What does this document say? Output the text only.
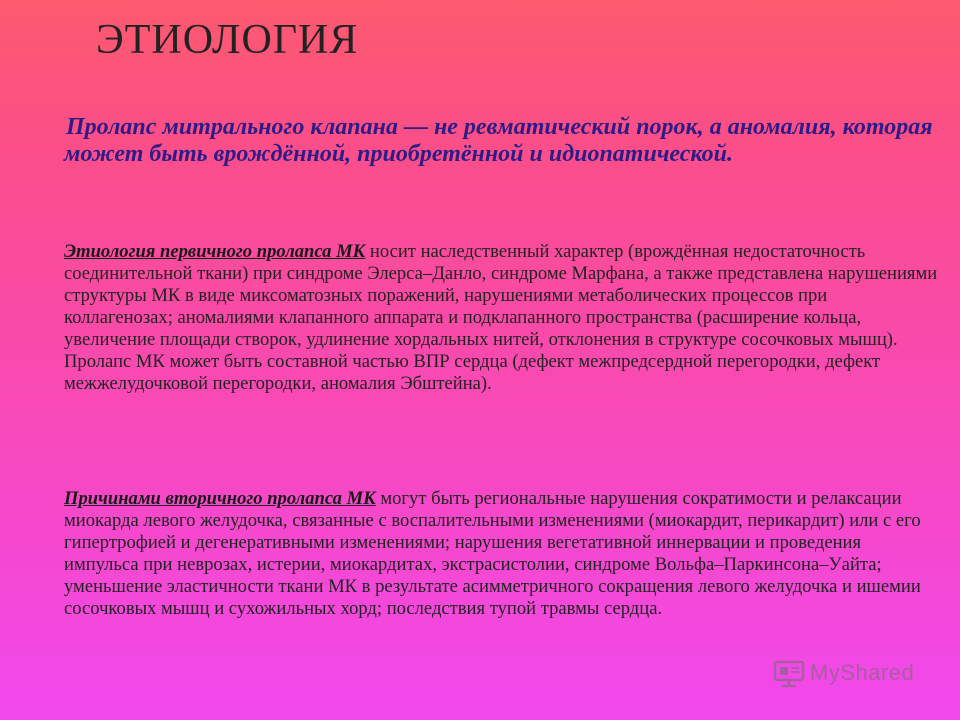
ЭТИОЛОГИЯ
Пролапс митрального клапана — не ревматический порок, а аномалия, которая может быть врождённой, приобретённой и идиопатической.
Этиология первичного пролапса МК носит наследственный характер (врождённая недостаточность соединительной ткани) при синдроме Элерса–Данло, синдроме Марфана, а также представлена нарушениями структуры МК в виде миксоматозных поражений, нарушениями метаболических процессов при коллагенозах; аномалиями клапанного аппарата и подклапанного пространства (расширение кольца, увеличение площади створок, удлинение хордальных нитей, отклонения в структуре сосочковых мышц). Пролапс МК может быть составной частью ВПР сердца (дефект межпредсердной перегородки, дефект межжелудочковой перегородки, аномалия Эбштейна).
Причинами вторичного пролапса МК могут быть региональные нарушения сократимости и релаксации миокарда левого желудочка, связанные с воспалительными изменениями (миокардит, перикардит) или с его гипертрофией и дегенеративными изменениями; нарушения вегетативной иннервации и проведения импульса при неврозах, истерии, миокардитах, экстрасистолии, синдроме Вольфа–Паркинсона–Уайта; уменьшение эластичности ткани МК в результате асимметричного сокращения левого желудочка и ишемии сосочковых мышц и сухожильных хорд; последствия тупой травмы сердца.
MyShared
